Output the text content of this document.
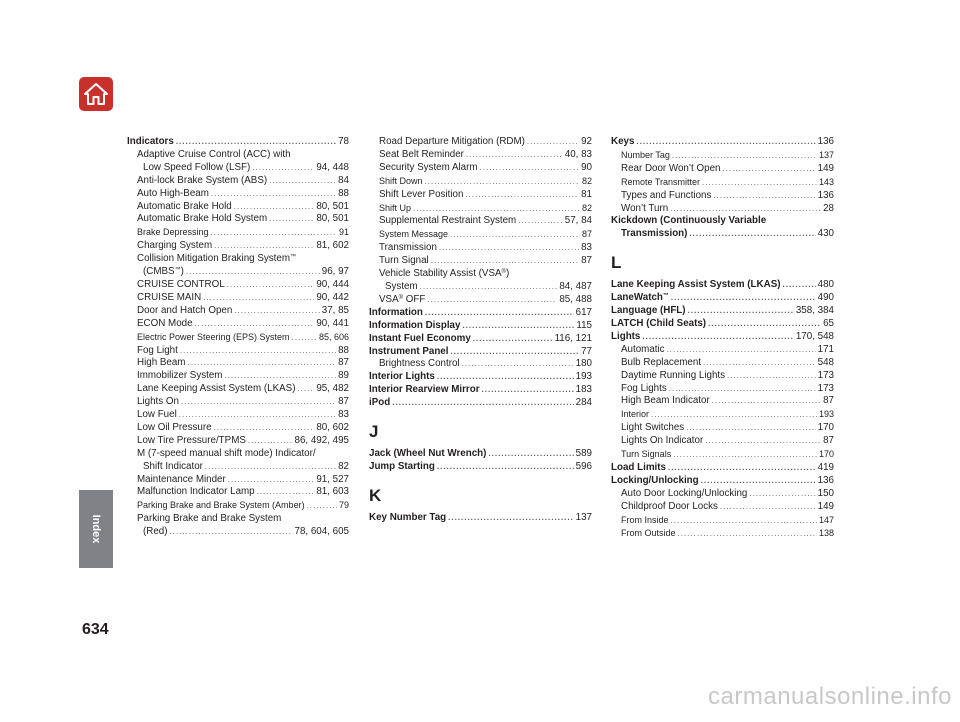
Index
Indicators .....	78
Adaptive Cruise Control (ACC) with
Low Speed Follow (LSF) .....	94, 448
Anti-lock Brake System (ABS) .....	84
Auto High-Beam .....	88
Automatic Brake Hold .....	80, 501
Automatic Brake Hold System .....	80, 501
Brake Depressing .....	91
Charging System .....	81, 602
Collision Mitigation Braking System™
(CMBS™) .....	96, 97
CRUISE CONTROL .....	90, 444
CRUISE MAIN .....	90, 442
Door and Hatch Open .....	37, 85
ECON Mode .....	90, 441
Electric Power Steering (EPS) System .....	85, 606
Fog Light .....	88
High Beam .....	87
Immobilizer System .....	89
Lane Keeping Assist System (LKAS) ..... 95, 482
Lights On .....	87
Low Fuel .....	83
Low Oil Pressure .....	80, 602
Low Tire Pressure/TPMS .....	86, 492, 495
M (7-speed manual shift mode) Indicator/
Shift Indicator .....	82
Maintenance Minder .....	91, 527
Malfunction Indicator Lamp .....	81, 603
Parking Brake and Brake System (Amber) .....	79
Parking Brake and Brake System
(Red) .....	78, 604, 605
Road Departure Mitigation (RDM) .....	92
Seat Belt Reminder .....	40, 83
Security System Alarm .....	90
Shift Down .....	82
Shift Lever Position .....	81
Shift Up .....	82
Supplemental Restraint System .....	57, 84
System Message .....	87
Transmission .....	83
Turn Signal .....	87
Vehicle Stability Assist (VSA®)
System .....	84, 487
VSA® OFF .....	85, 488
Information .....	617
Information Display .....	115
Instant Fuel Economy .....	116, 121
Instrument Panel .....	77
Brightness Control .....	180
Interior Lights .....	193
Interior Rearview Mirror .....	183
iPod .....	284
J
Jack (Wheel Nut Wrench) .....	589
Jump Starting .....	596
K
Key Number Tag .....	137
Keys .....	136
Number Tag .....	137
Rear Door Won’t Open .....	149
Remote Transmitter .....	143
Types and Functions .....	136
Won’t Turn .....	28
Kickdown (Continuously Variable
Transmission) .....	430
L
Lane Keeping Assist System (LKAS) .....	480
LaneWatch™ .....	490
Language (HFL) .....	358, 384
LATCH (Child Seats) .....	65
Lights .....	170, 548
Automatic .....	171
Bulb Replacement .....	548
Daytime Running Lights .....	173
Fog Lights .....	173
High Beam Indicator .....	87
Interior .....	193
Light Switches .....	170
Lights On Indicator .....	87
Turn Signals .....	170
Load Limits .....	419
Locking/Unlocking .....	136
Auto Door Locking/Unlocking .....	150
Childproof Door Locks .....	149
From Inside .....	147
From Outside .....	138
634
carmanualsonline.info
